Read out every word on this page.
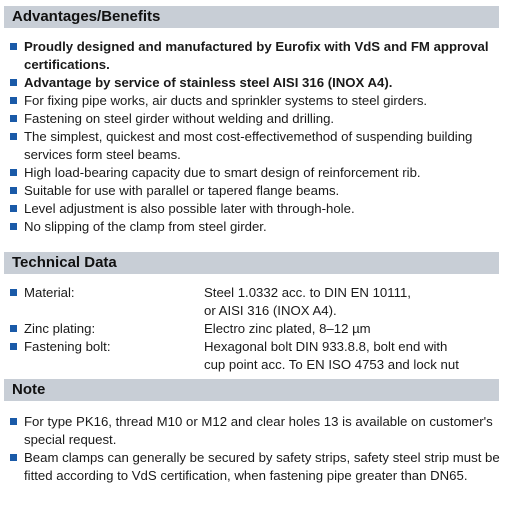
Advantages/Benefits
Proudly designed and manufactured by Eurofix with VdS and FM approval certifications.
Advantage by service of stainless steel AISI 316 (INOX A4).
For fixing pipe works, air ducts and sprinkler systems to steel girders.
Fastening on steel girder without welding and drilling.
The simplest, quickest and most cost-effectivemethod of suspending building services form steel beams.
High load-bearing capacity due to smart design of reinforcement rib.
Suitable for use with parallel or tapered flange beams.
Level adjustment is also possible later with through-hole.
No slipping of the clamp from steel girder.
Technical Data
Material:	Steel 1.0332 acc. to DIN EN 10111,
or AISI 316 (INOX A4).
Zinc plating:	Electro zinc plated, 8–12 µm
Fastening bolt:	Hexagonal bolt DIN 933.8.8, bolt end with
cup point acc. To EN ISO 4753 and lock nut
Note
For type PK16, thread M10 or M12 and clear holes 13 is available on customer's special request.
Beam clamps can generally be secured by safety strips, safety steel strip must be fitted according to VdS certification, when fastening pipe greater than DN65.
